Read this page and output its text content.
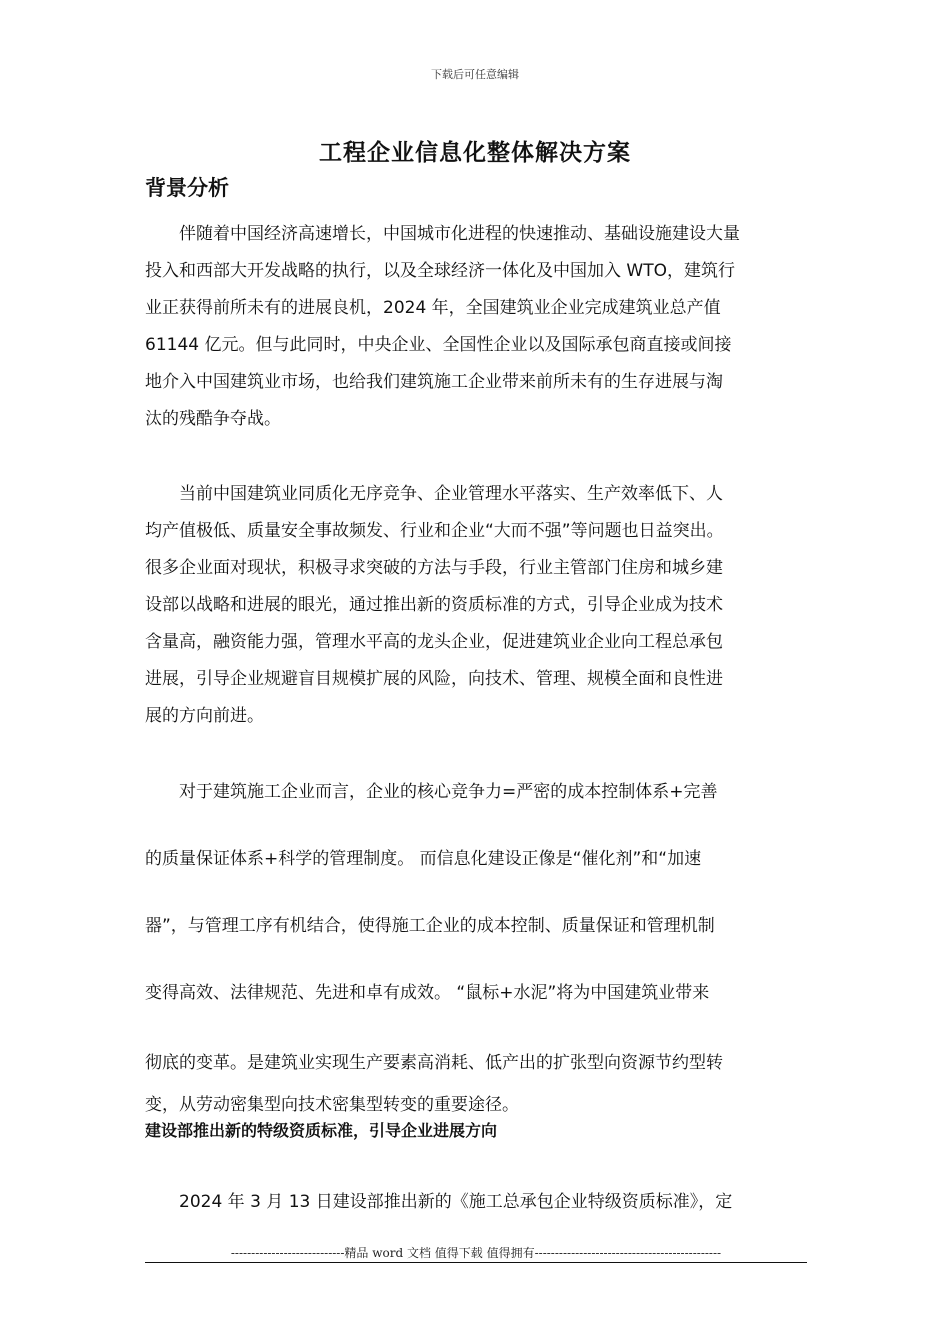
下载后可任意编辑
工程企业信息化整体解决方案
背景分析
　　伴随着中国经济高速增长，中国城市化进程的快速推动、基础设施建设大量
投入和西部大开发战略的执行，以及全球经济一体化及中国加入 WTO，建筑行
业正获得前所未有的进展良机，2024 年，全国建筑业企业完成建筑业总产值
61144 亿元。但与此同时，中央企业、全国性企业以及国际承包商直接或间接
地介入中国建筑业市场，也给我们建筑施工企业带来前所未有的生存进展与淘
汰的残酷争夺战。
　　当前中国建筑业同质化无序竞争、企业管理水平落实、生产效率低下、人
均产值极低、质量安全事故频发、行业和企业“大而不强”等问题也日益突出。
很多企业面对现状，积极寻求突破的方法与手段，行业主管部门住房和城乡建
设部以战略和进展的眼光，通过推出新的资质标准的方式，引导企业成为技术
含量高，融资能力强，管理水平高的龙头企业，促进建筑业企业向工程总承包
进展，引导企业规避盲目规模扩展的风险，向技术、管理、规模全面和良性进
展的方向前进。
　　对于建筑施工企业而言，企业的核心竞争力=严密的成本控制体系+完善
的质量保证体系+科学的管理制度。 而信息化建设正像是“催化剂”和“加速
器”，与管理工序有机结合，使得施工企业的成本控制、质量保证和管理机制
变得高效、法律规范、先进和卓有成效。 “鼠标+水泥”将为中国建筑业带来
彻底的变革。是建筑业实现生产要素高消耗、低产出的扩张型向资源节约型转
变，从劳动密集型向技术密集型转变的重要途径。
建设部推出新的特级资质标准，引导企业进展方向
　　2024 年 3 月 13 日建设部推出新的《施工总承包企业特级资质标准》，定
----------------------------精品 word 文档 值得下载 值得拥有----------------------------------------------
